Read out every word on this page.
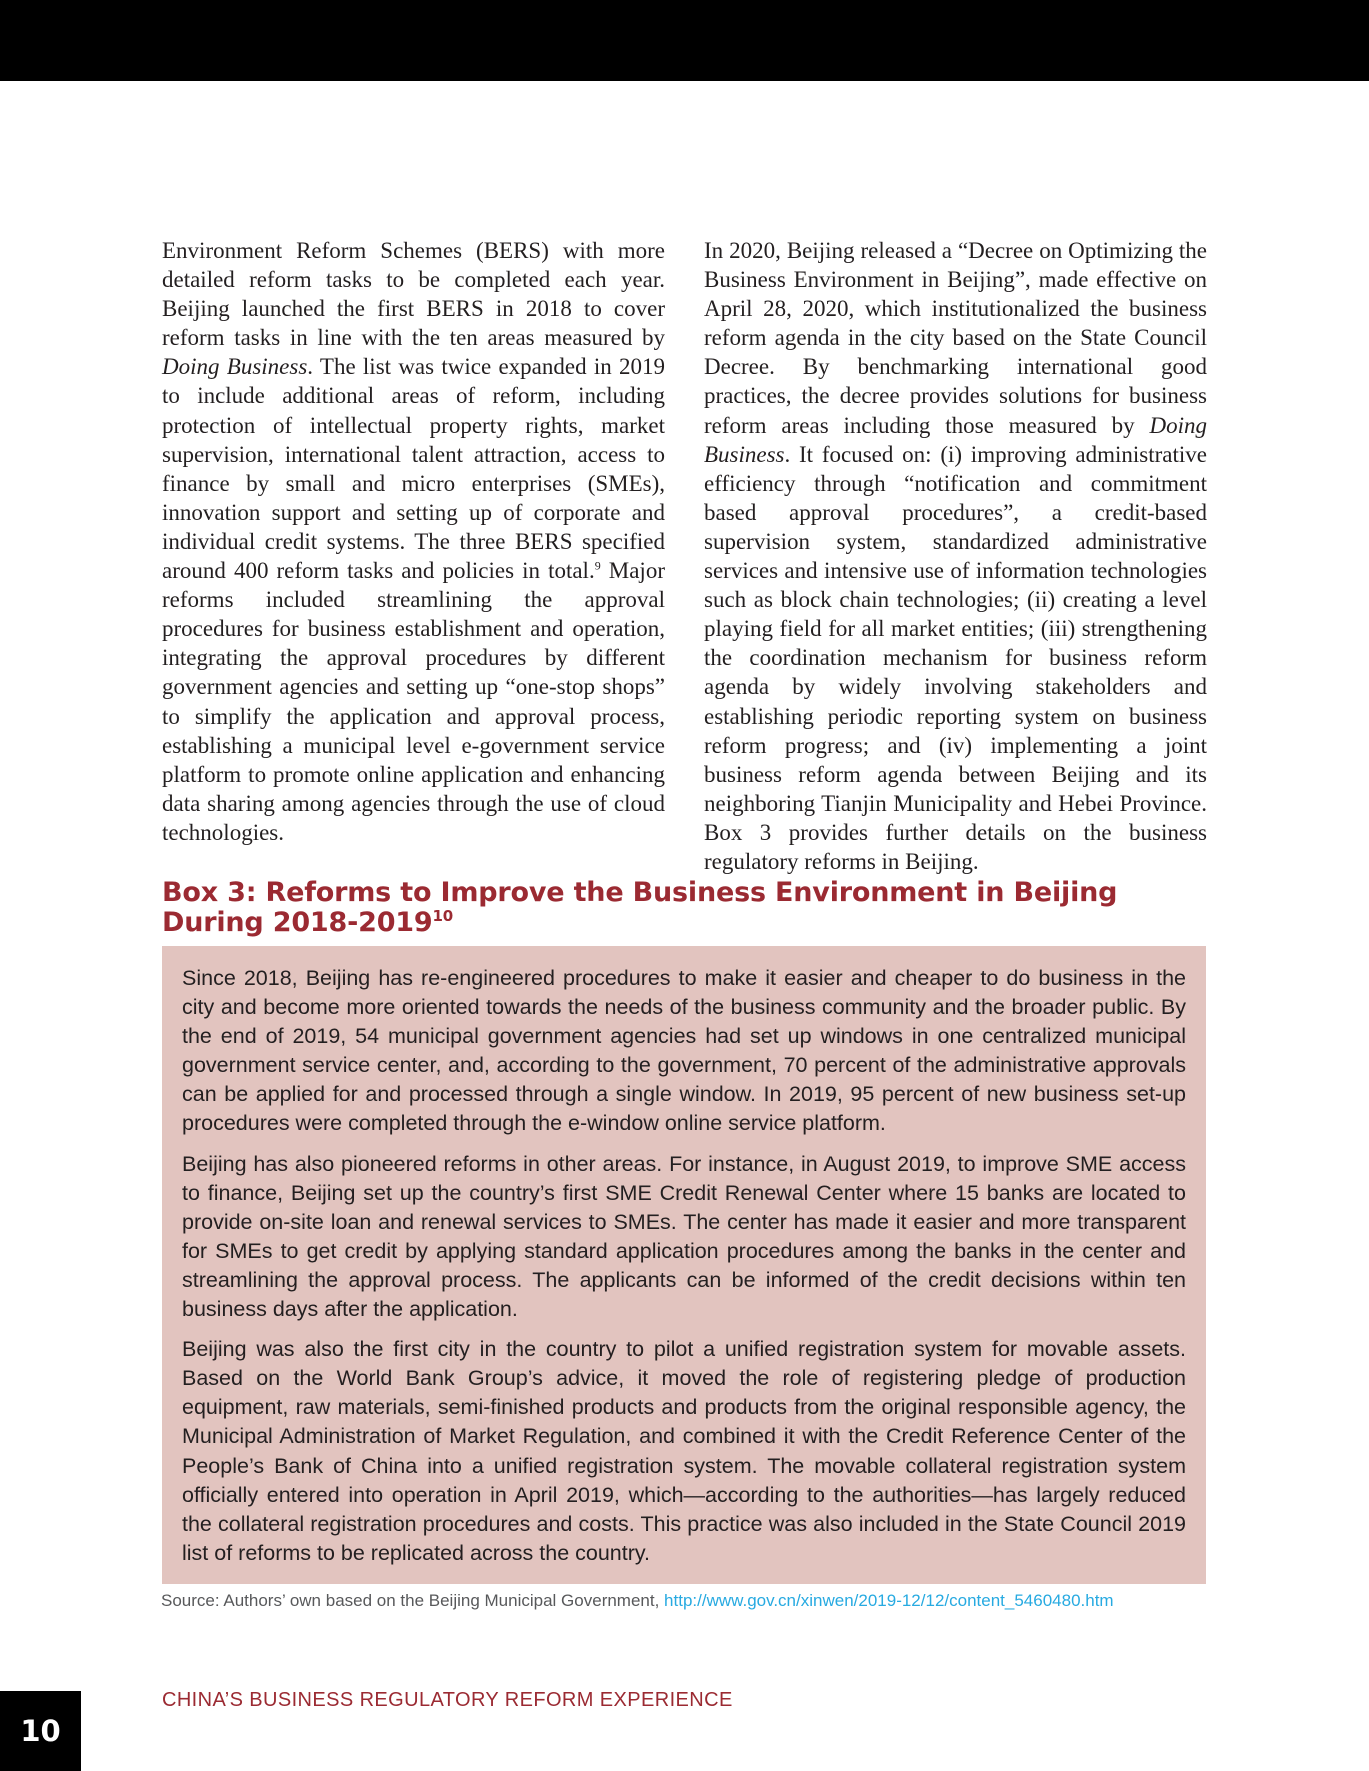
Environment Reform Schemes (BERS) with more detailed reform tasks to be completed each year. Beijing launched the first BERS in 2018 to cover reform tasks in line with the ten areas measured by Doing Business. The list was twice expanded in 2019 to include additional areas of reform, including protection of intellectual property rights, market supervision, international talent attraction, access to finance by small and micro enterprises (SMEs), innovation support and setting up of corporate and individual credit systems. The three BERS specified around 400 reform tasks and policies in total.$^9$ Major reforms included streamlining the approval procedures for business establishment and operation, integrating the approval procedures by different government agencies and setting up “one-stop shops” to simplify the application and approval process, establishing a municipal level e-government service platform to promote online application and enhancing data sharing among agencies through the use of cloud technologies.

In 2020, Beijing released a “Decree on Optimizing the Business Environment in Beijing”, made effective on April 28, 2020, which institutionalized the business reform agenda in the city based on the State Council Decree. By benchmarking international good practices, the decree provides solutions for business reform areas including those measured by Doing Business. It focused on: (i) improving administrative efficiency through “notification and commitment based approval procedures”, a credit-based supervision system, standardized administrative services and intensive use of information technologies such as block chain technologies; (ii) creating a level playing field for all market entities; (iii) strengthening the coordination mechanism for business reform agenda by widely involving stakeholders and establishing periodic reporting system on business reform progress; and (iv) implementing a joint business reform agenda between Beijing and its neighboring Tianjin Municipality and Hebei Province. Box 3 provides further details on the business regulatory reforms in Beijing.

Box 3: Reforms to Improve the Business Environment in Beijing During 2018-2019$^{10}$

Since 2018, Beijing has re-engineered procedures to make it easier and cheaper to do business in the city and become more oriented towards the needs of the business community and the broader public. By the end of 2019, 54 municipal government agencies had set up windows in one centralized municipal government service center, and, according to the government, 70 percent of the administrative approvals can be applied for and processed through a single window. In 2019, 95 percent of new business set-up procedures were completed through the e-window online service platform.

Beijing has also pioneered reforms in other areas. For instance, in August 2019, to improve SME access to finance, Beijing set up the country’s first SME Credit Renewal Center where 15 banks are located to provide on-site loan and renewal services to SMEs. The center has made it easier and more transparent for SMEs to get credit by applying standard application procedures among the banks in the center and streamlining the approval process. The applicants can be informed of the credit decisions within ten business days after the application.

Beijing was also the first city in the country to pilot a unified registration system for movable assets. Based on the World Bank Group’s advice, it moved the role of registering pledge of production equipment, raw materials, semi-finished products and products from the original responsible agency, the Municipal Administration of Market Regulation, and combined it with the Credit Reference Center of the People’s Bank of China into a unified registration system. The movable collateral registration system officially entered into operation in April 2019, which—according to the authorities—has largely reduced the collateral registration procedures and costs. This practice was also included in the State Council 2019 list of reforms to be replicated across the country.

Source: Authors’ own based on the Beijing Municipal Government, http://www.gov.cn/xinwen/2019-12/12/content_5460480.htm
CHINA’S BUSINESS REGULATORY REFORM EXPERIENCE
10
